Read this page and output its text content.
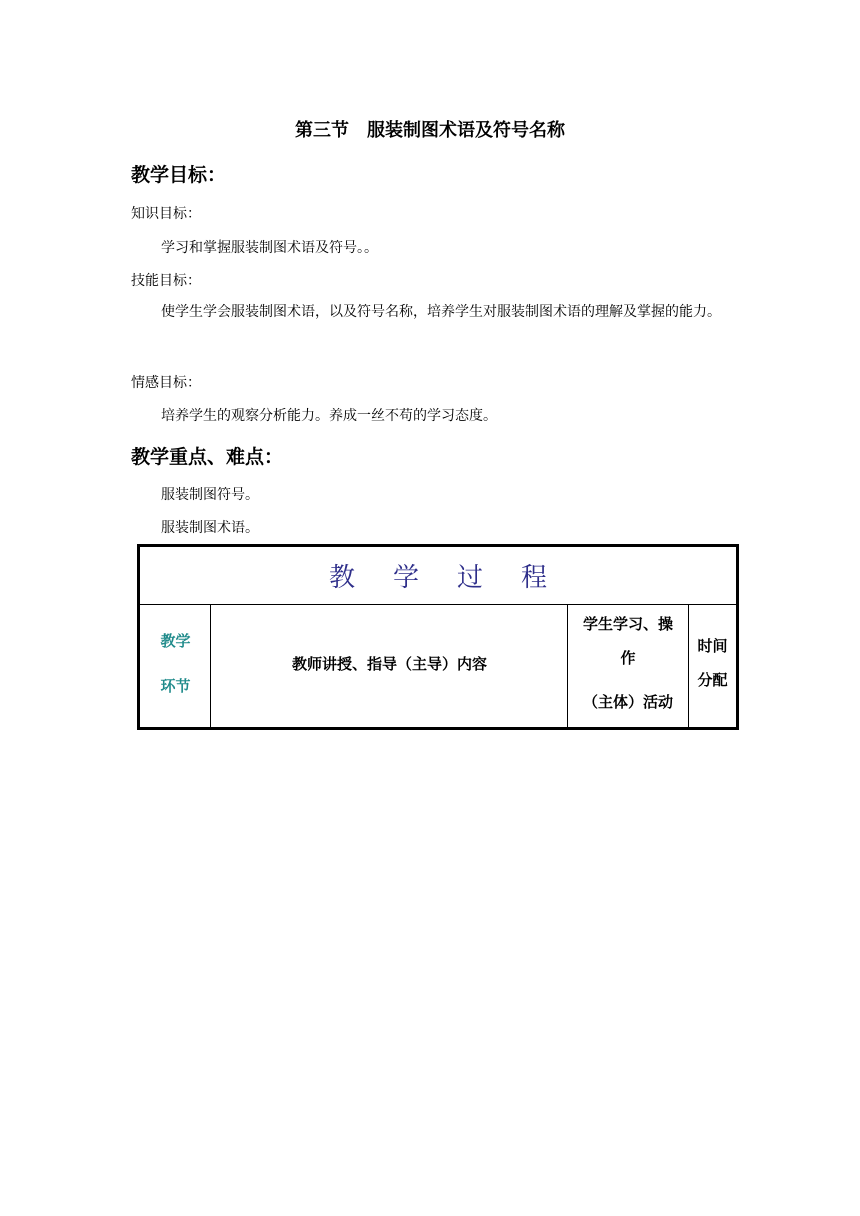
第三节　服装制图术语及符号名称
教学目标：
知识目标：
学习和掌握服装制图术语及符号。。
技能目标：
使学生学会服装制图术语，以及符号名称，培养学生对服装制图术语的理解及掌握的能力。
情感目标：
培养学生的观察分析能力。养成一丝不苟的学习态度。
教学重点、难点：
服装制图符号。
服装制图术语。
教学过程
教学
环节
教师讲授、指导（主导）内容
学生学习、操
作
（主体）活动
时间
分配
